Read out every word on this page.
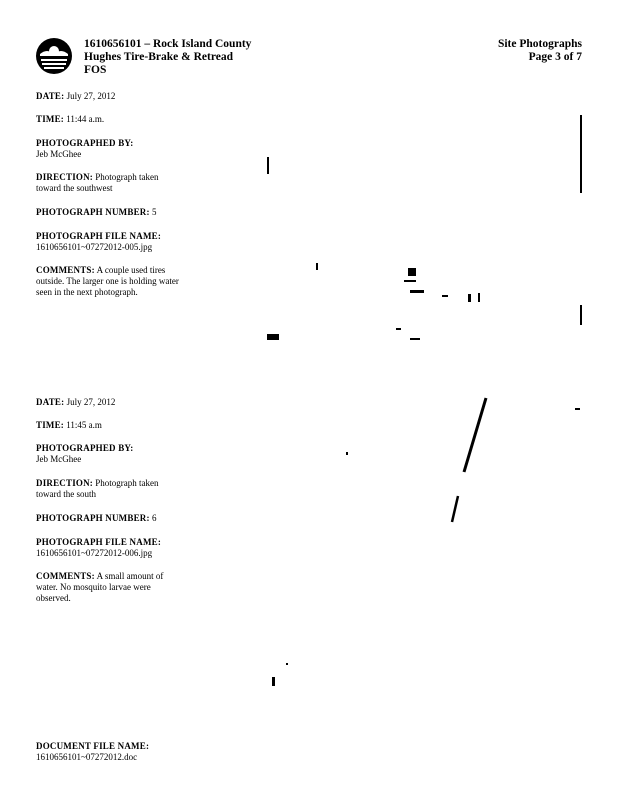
1610656101 – Rock Island County
Hughes Tire-Brake & Retread
FOS
Site Photographs
Page 3 of 7
DATE: July 27, 2012
TIME: 11:44 a.m.
PHOTOGRAPHED BY:
Jeb McGhee
DIRECTION: Photograph taken toward the southwest
PHOTOGRAPH NUMBER: 5
PHOTOGRAPH FILE NAME:
1610656101~07272012-005.jpg
COMMENTS: A couple used tires outside. The larger one is holding water seen in the next photograph.
DATE: July 27, 2012
TIME: 11:45 a.m
PHOTOGRAPHED BY:
Jeb McGhee
DIRECTION: Photograph taken toward the south
PHOTOGRAPH NUMBER: 6
PHOTOGRAPH FILE NAME:
1610656101~07272012-006.jpg
COMMENTS: A small amount of water. No mosquito larvae were observed.
DOCUMENT FILE NAME:
1610656101~07272012.doc
